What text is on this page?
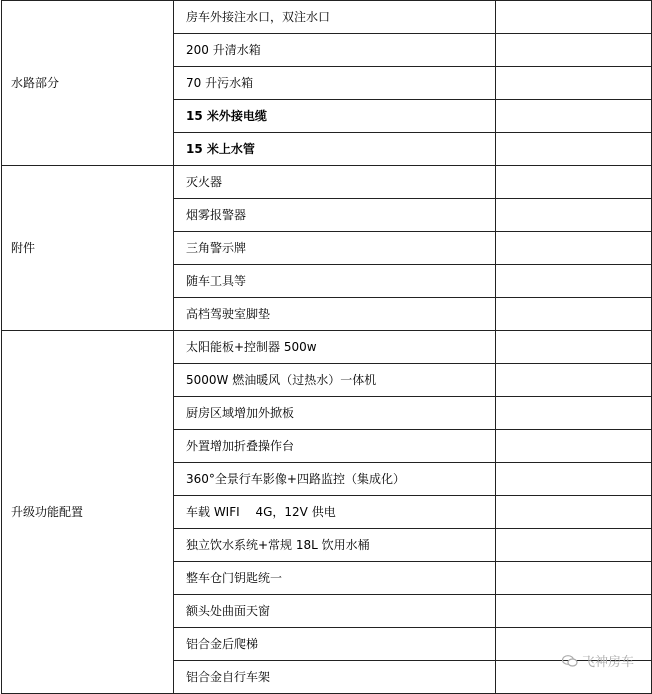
水路部分	房车外接注水口，双注水口	
	200 升清水箱	
	70 升污水箱	
	15 米外接电缆	
	15 米上水管	
附件	灭火器	
	烟雾报警器	
	三角警示牌	
	随车工具等	
	高档驾驶室脚垫	
升级功能配置	太阳能板+控制器 500w	
	5000W 燃油暖风（过热水）一体机	
	厨房区域增加外掀板	
	外置增加折叠操作台	
	360°全景行车影像+四路监控（集成化）	
	车载 WIFI　 4G，12V 供电	
	独立饮水系统+常规 18L 饮用水桶	
	整车仓门钥匙统一	
	额头处曲面天窗	
	铝合金后爬梯	
	铝合金自行车架	
飞神房车
